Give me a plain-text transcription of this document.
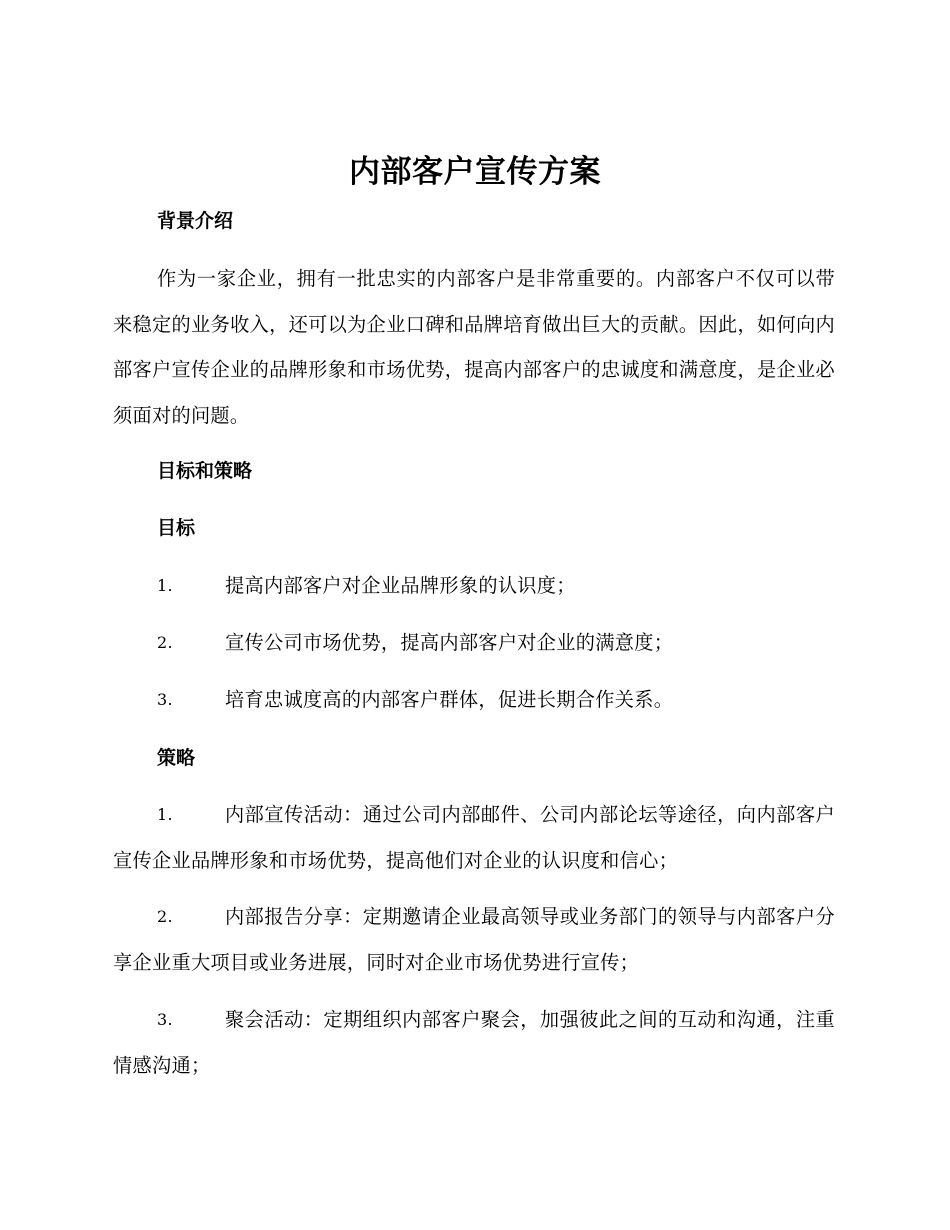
内部客户宣传方案
背景介绍
作为一家企业，拥有一批忠实的内部客户是非常重要的。内部客户不仅可以带来稳定的业务收入，还可以为企业口碑和品牌培育做出巨大的贡献。因此，如何向内部客户宣传企业的品牌形象和市场优势，提高内部客户的忠诚度和满意度，是企业必须面对的问题。
目标和策略
目标
1.	提高内部客户对企业品牌形象的认识度；
2.	宣传公司市场优势，提高内部客户对企业的满意度；
3.	培育忠诚度高的内部客户群体，促进长期合作关系。
策略
1.	内部宣传活动：通过公司内部邮件、公司内部论坛等途径，向内部客户宣传企业品牌形象和市场优势，提高他们对企业的认识度和信心；
2.	内部报告分享：定期邀请企业最高领导或业务部门的领导与内部客户分享企业重大项目或业务进展，同时对企业市场优势进行宣传；
3.	聚会活动：定期组织内部客户聚会，加强彼此之间的互动和沟通，注重情感沟通；
